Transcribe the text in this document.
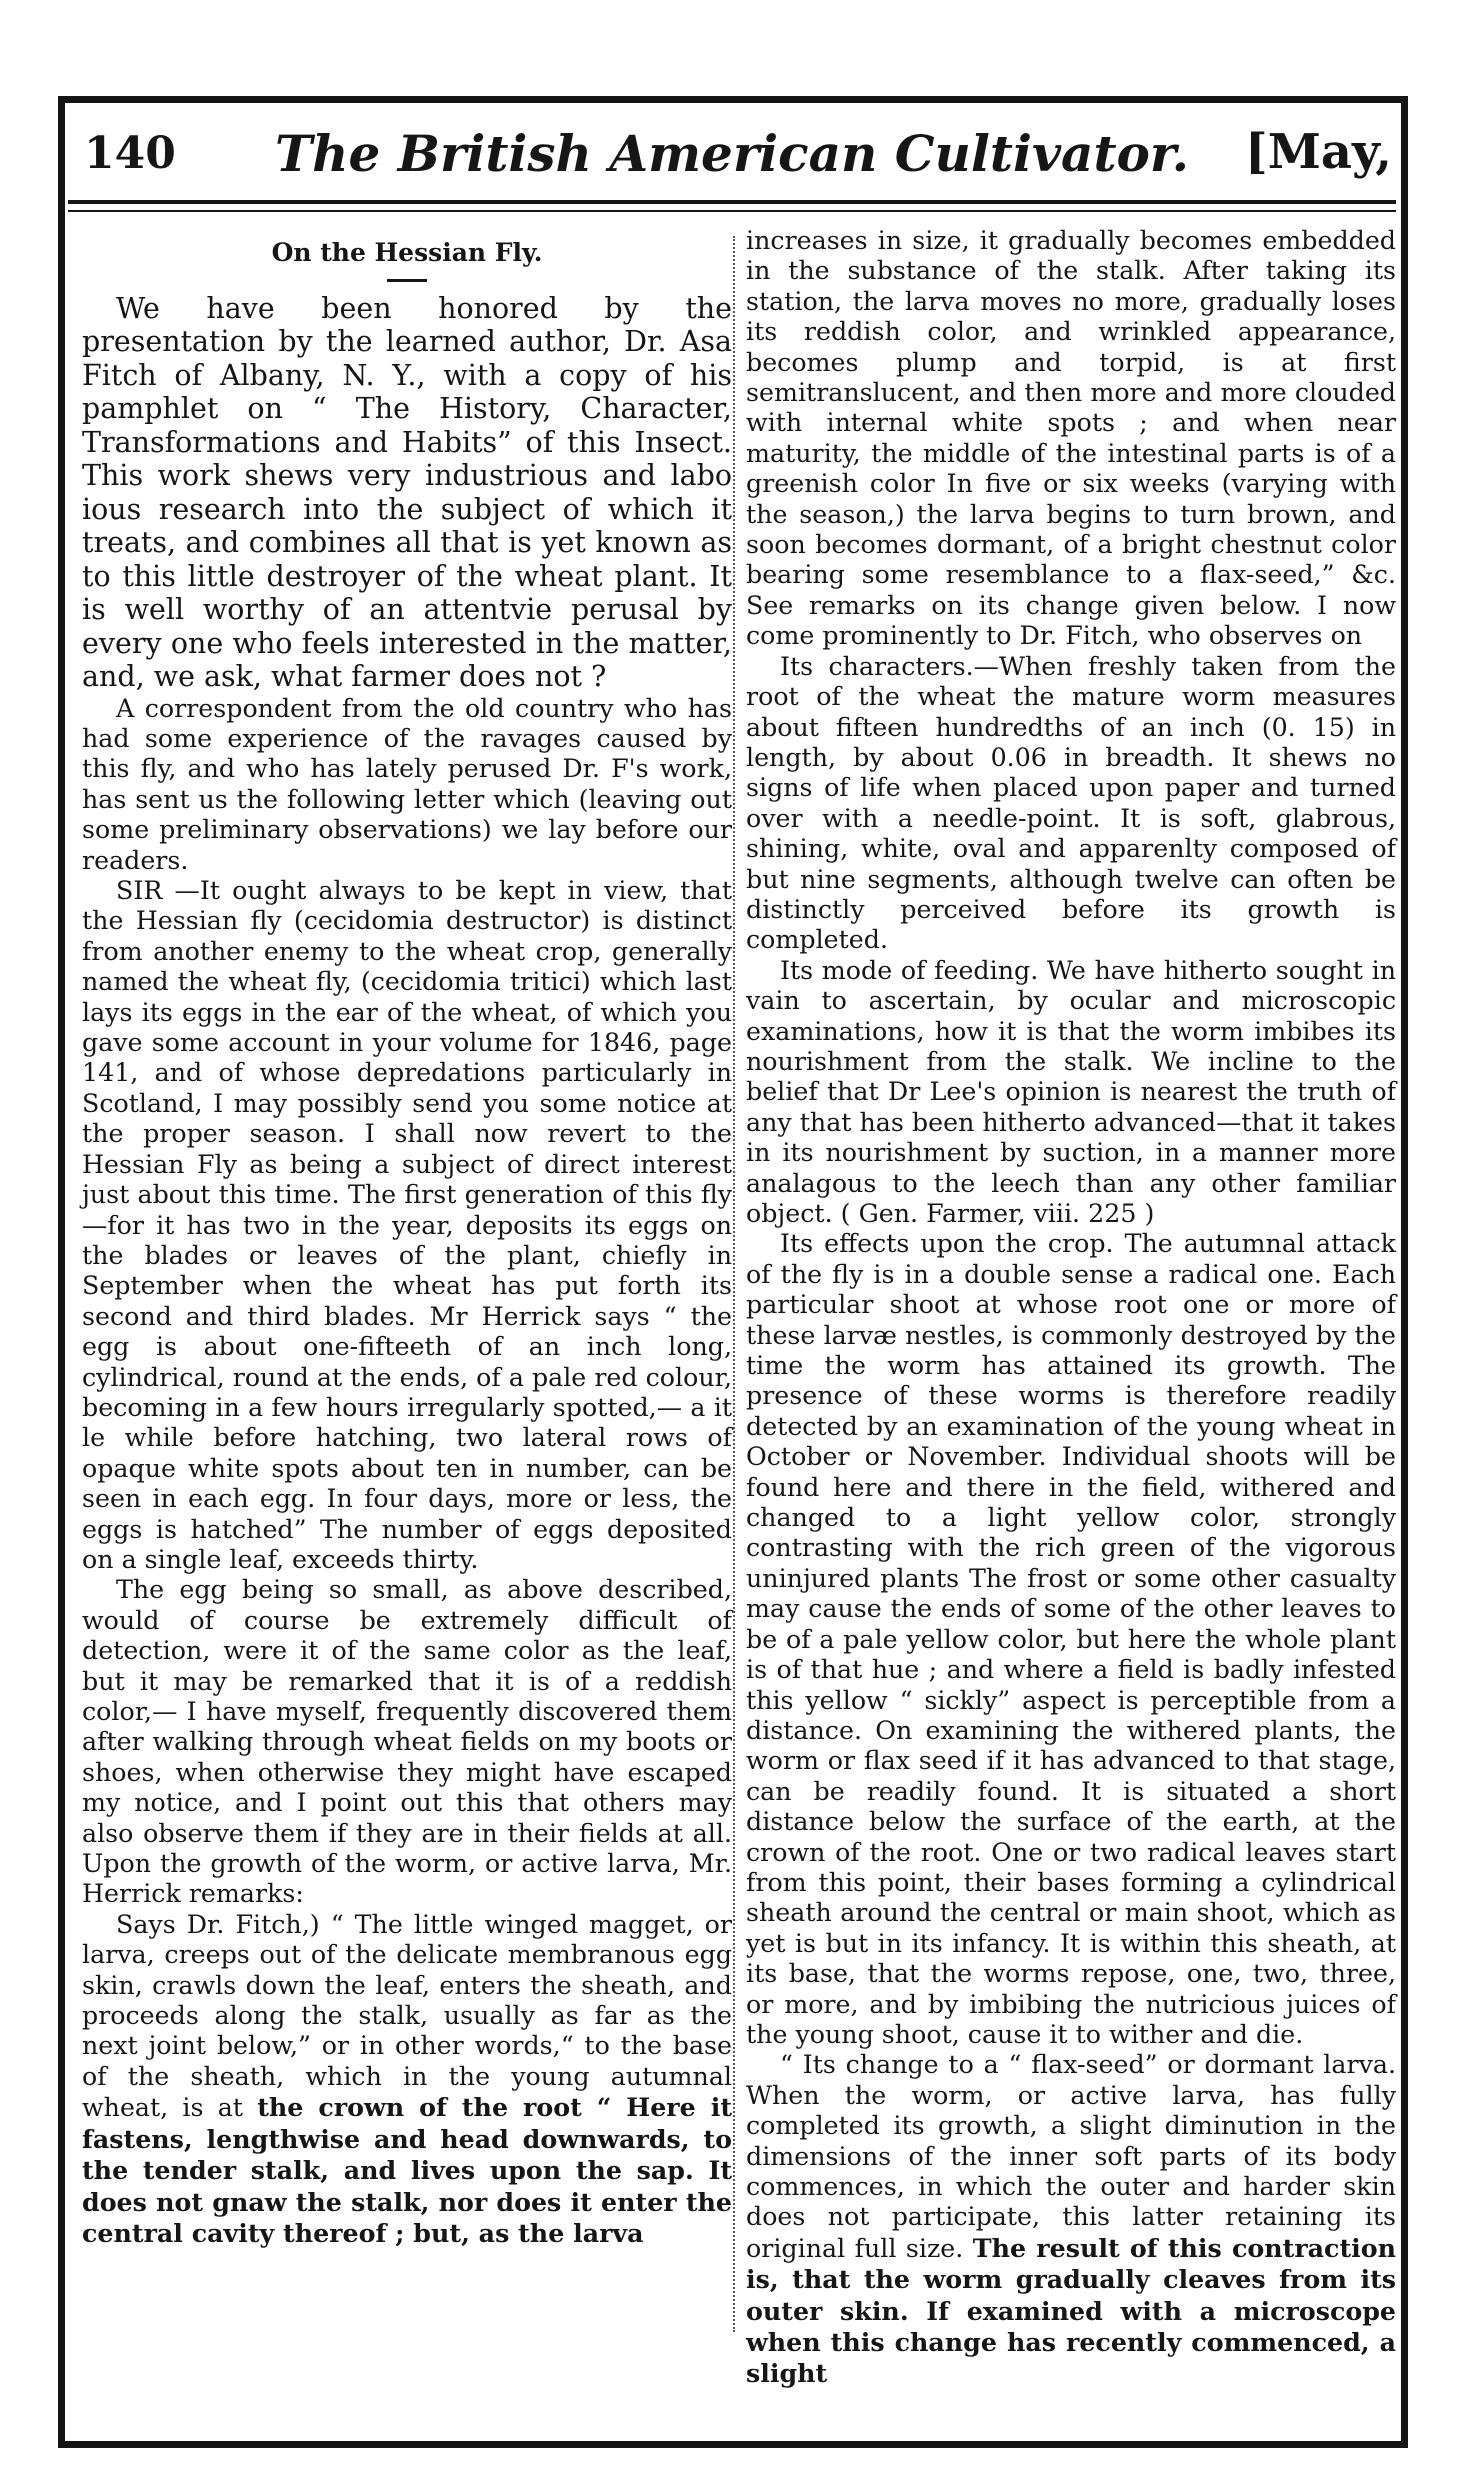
140	The British American Cultivator.	[May,
On the Hessian Fly.

We have been honored by the presentation by the learned author, Dr. Asa Fitch of Albany, N. Y., with a copy of his pamphlet on “ The History, Character, Transformations and Habits” of this Insect. This work shews very industrious and labo ious research into the subject of which it treats, and combines all that is yet known as to this little destroyer of the wheat plant. It is well worthy of an attentvie perusal by every one who feels interested in the matter, and, we ask, what farmer does not ?

A correspondent from the old country who has had some experience of the ravages caused by this fly, and who has lately perused Dr. F's work, has sent us the following letter which (leaving out some preliminary observations) we lay before our readers.

SIR —It ought always to be kept in view, that the Hessian fly (cecidomia destructor) is distinct from another enemy to the wheat crop, generally named the wheat fly, (cecidomia tritici) which last lays its eggs in the ear of the wheat, of which you gave some account in your volume for 1846, page 141, and of whose depredations particularly in Scotland, I may possibly send you some notice at the proper season. I shall now revert to the Hessian Fly as being a subject of direct interest just about this time. The first generation of this fly—for it has two in the year, deposits its eggs on the blades or leaves of the plant, chiefly in September when the wheat has put forth its second and third blades. Mr Herrick says “ the egg is about one-fifteeth of an inch long, cylindrical, round at the ends, of a pale red colour, becoming in a few hours irregularly spotted,— a it le while before hatching, two lateral rows of opaque white spots about ten in number, can be seen in each egg. In four days, more or less, the eggs is hatched” The number of eggs deposited on a single leaf, exceeds thirty.

The egg being so small, as above described, would of course be extremely difficult of detection, were it of the same color as the leaf, but it may be remarked that it is of a reddish color,— I have myself, frequently discovered them after walking through wheat fields on my boots or shoes, when otherwise they might have escaped my notice, and I point out this that others may also observe them if they are in their fields at all. Upon the growth of the worm, or active larva, Mr. Herrick remarks:

Says Dr. Fitch,) “ The little winged magget, or larva, creeps out of the delicate membranous egg skin, crawls down the leaf, enters the sheath, and proceeds along the stalk, usually as far as the next joint below,” or in other words,“ to the base of the sheath, which in the young autumnal wheat, is at the crown of the root “ Here it fastens, lengthwise and head downwards, to the tender stalk, and lives upon the sap. It does not gnaw the stalk, nor does it enter the central cavity thereof ; but, as the larva

increases in size, it gradually becomes embedded in the substance of the stalk. After taking its station, the larva moves no more, gradually loses its reddish color, and wrinkled appearance, becomes plump and torpid, is at first semitranslucent, and then more and more clouded with internal white spots ; and when near maturity, the middle of the intestinal parts is of a greenish color In five or six weeks (varying with the season,) the larva begins to turn brown, and soon becomes dormant, of a bright chestnut color bearing some resemblance to a flax-seed,” &c. See remarks on its change given below. I now come prominently to Dr. Fitch, who observes on

Its characters.—When freshly taken from the root of the wheat the mature worm measures about fifteen hundredths of an inch (0. 15) in length, by about 0.06 in breadth. It shews no signs of life when placed upon paper and turned over with a needle-point. It is soft, glabrous, shining, white, oval and apparenlty composed of but nine segments, although twelve can often be distinctly perceived before its growth is completed.

Its mode of feeding. We have hitherto sought in vain to ascertain, by ocular and microscopic examinations, how it is that the worm imbibes its nourishment from the stalk. We incline to the belief that Dr Lee's opinion is nearest the truth of any that has been hitherto advanced—that it takes in its nourishment by suction, in a manner more analagous to the leech than any other familiar object. ( Gen. Farmer, viii. 225 )

Its effects upon the crop. The autumnal attack of the fly is in a double sense a radical one. Each particular shoot at whose root one or more of these larvæ nestles, is commonly destroyed by the time the worm has attained its growth. The presence of these worms is therefore readily detected by an examination of the young wheat in October or November. Individual shoots will be found here and there in the field, withered and changed to a light yellow color, strongly contrasting with the rich green of the vigorous uninjured plants The frost or some other casualty may cause the ends of some of the other leaves to be of a pale yellow color, but here the whole plant is of that hue ; and where a field is badly infested this yellow “ sickly” aspect is perceptible from a distance. On examining the withered plants, the worm or flax seed if it has advanced to that stage, can be readily found. It is situated a short distance below the surface of the earth, at the crown of the root. One or two radical leaves start from this point, their bases forming a cylindrical sheath around the central or main shoot, which as yet is but in its infancy. It is within this sheath, at its base, that the worms repose, one, two, three, or more, and by imbibing the nutricious juices of the young shoot, cause it to wither and die.

“ Its change to a “ flax-seed” or dormant larva. When the worm, or active larva, has fully completed its growth, a slight diminution in the dimensions of the inner soft parts of its body commences, in which the outer and harder skin does not participate, this latter retaining its original full size. The result of this contraction is, that the worm gradually cleaves from its outer skin. If examined with a microscope when this change has recently commenced, a slight
